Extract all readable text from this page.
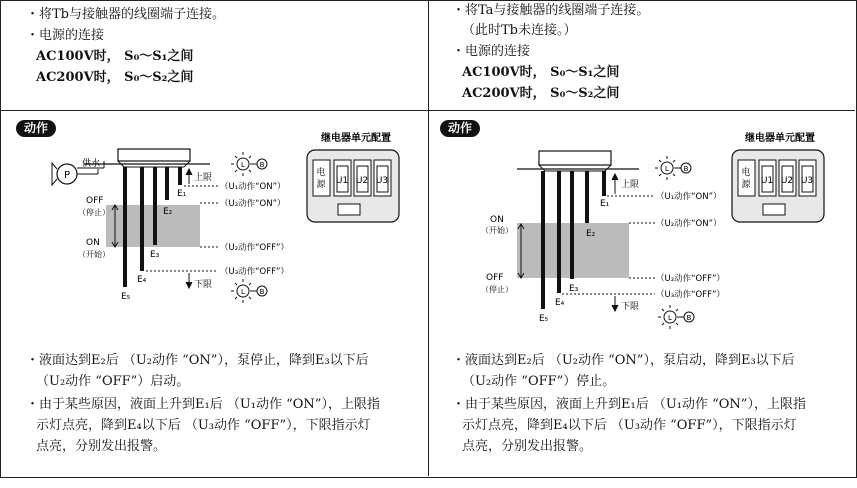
・将Tb与接触器的线圈端子连接。
・电源的连接
AC100V时， S₀～S₁之间
AC200V时， S₀～S₂之间
・将Ta与接触器的线圈端子连接。
（此时Tb未连接。）
・电源的连接
AC100V时， S₀～S₁之间
AC200V时， S₀～S₂之间
动作	动作
P
供水
OFF
（停止）
ON
（开始）
E₂
E₃
E₄
E₅
E₁
（U₁动作“ON”）
（U₂动作“ON”）
（U₂动作“OFF”）
（U₃动作“OFF”）
上限
下限
L B
L B
继电器单元配置
电
源 U1 U2 U3
ON
（开始）
OFF
（停止）
E₁
E₂
E₃
E₄
E₅
（U₁动作“ON”）
（U₂动作“ON”）
（U₂动作“OFF”）
（U₃动作“OFF”）
上限
下限
L B
L B
继电器单元配置
电
源 U1 U2 U3
・液面达到E₂后 （U₂动作 “ON”），泵停止，降到E₃以下后
（U₂动作 “OFF”）启动。
・由于某些原因，液面上升到E₁后 （U₁动作 “ON”），上限指
示灯点亮，降到E₄以下后 （U₃动作 “OFF”），下限指示灯
点亮，分别发出报警。
・液面达到E₂后 （U₂动作 “ON”），泵启动，降到E₃以下后
（U₂动作 “OFF”）停止。
・由于某些原因，液面上升到E₁后 （U₁动作 “ON”），上限指
示灯点亮，降到E₄以下后 （U₃动作 “OFF”），下限指示灯
点亮，分别发出报警。
